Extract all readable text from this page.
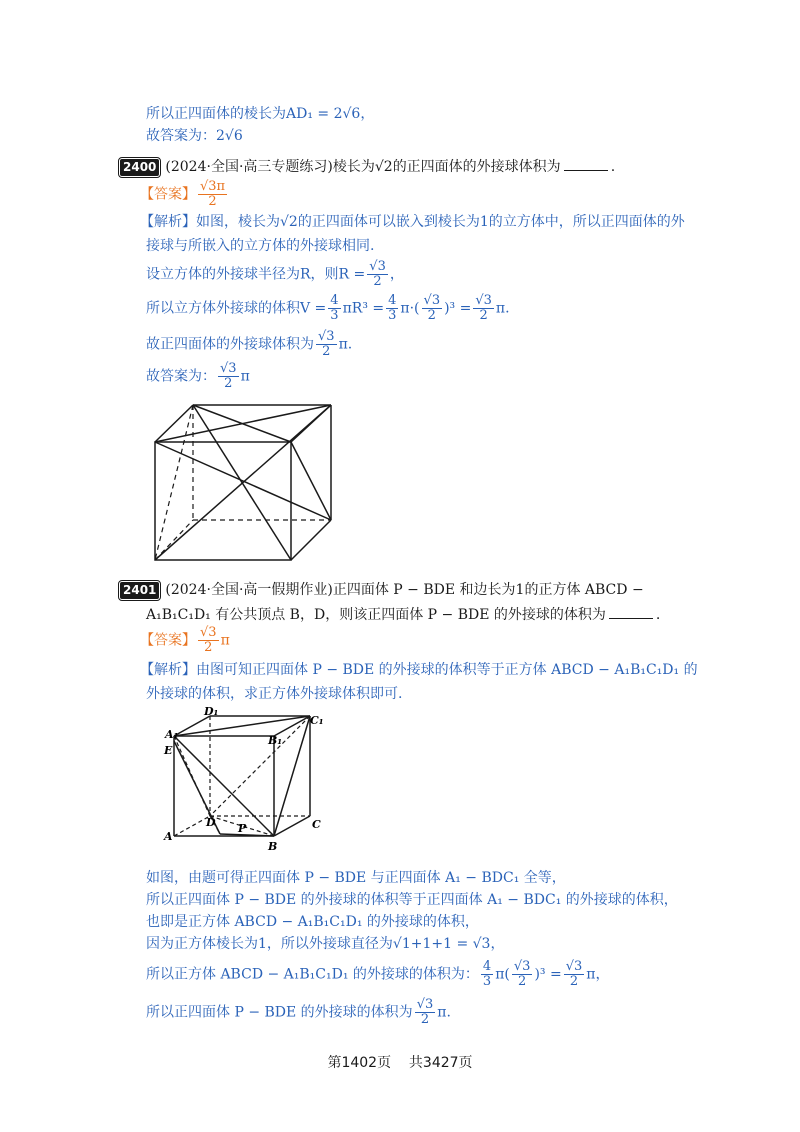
所以正四面体的棱长为AD₁ = 2√6，
故答案为：2√6
2400 (2024·全国·高三专题练习)棱长为√2的正四面体的外接球体积为	.
【答案】 $\frac{√3\pi}{2}$
【解析】如图，棱长为√2的正四面体可以嵌入到棱长为1的立方体中，所以正四面体的外
接球与所嵌入的立方体的外接球相同.
设立方体的外接球半径为R，则$R = \frac{√3}{2}$ ，
所以立方体外接球的体积$V = \frac{4}{3} \pi R^3 = \frac{4}{3} \pi\cdot( \frac{√3}{2} )^3 = \frac{√3}{2} \pi$.
故正四面体的外接球体积为 $\frac{√3}{2} \pi$.
故答案为： $\frac{√3}{2}$ π
2401 (2024·全国·高一假期作业)正四面体 P − BDE 和边长为1的正方体 ABCD −
A₁B₁C₁D₁ 有公共顶点 B，D，则该正四面体 P − BDE 的外接球的体积为	.
【答案】 $\frac{√3}{2}$ π
【解析】由图可知正四面体 P − BDE 的外接球的体积等于正方体 ABCD − A₁B₁C₁D₁ 的
外接球的体积，求正方体外接球体积即可.
D₁
C₁
A₁	B₁
D	C
A
B
P
E
如图，由题可得正四面体 P − BDE 与正四面体 A₁ − BDC₁ 全等，
所以正四面体 P − BDE 的外接球的体积等于正四面体 A₁ − BDC₁ 的外接球的体积，
也即是正方体 ABCD − A₁B₁C₁D₁ 的外接球的体积，
因为正方体棱长为1，所以外接球直径为√1+1+1 = √3，
所以正方体 ABCD − A₁B₁C₁D₁ 的外接球的体积为： $\frac{4}{3} \pi( \frac{√3}{2} )^3 = \frac{√3}{2}$ π，
所以正四面体 P − BDE 的外接球的体积为 $\frac{√3}{2} \pi$.
第1402页 共3427页
